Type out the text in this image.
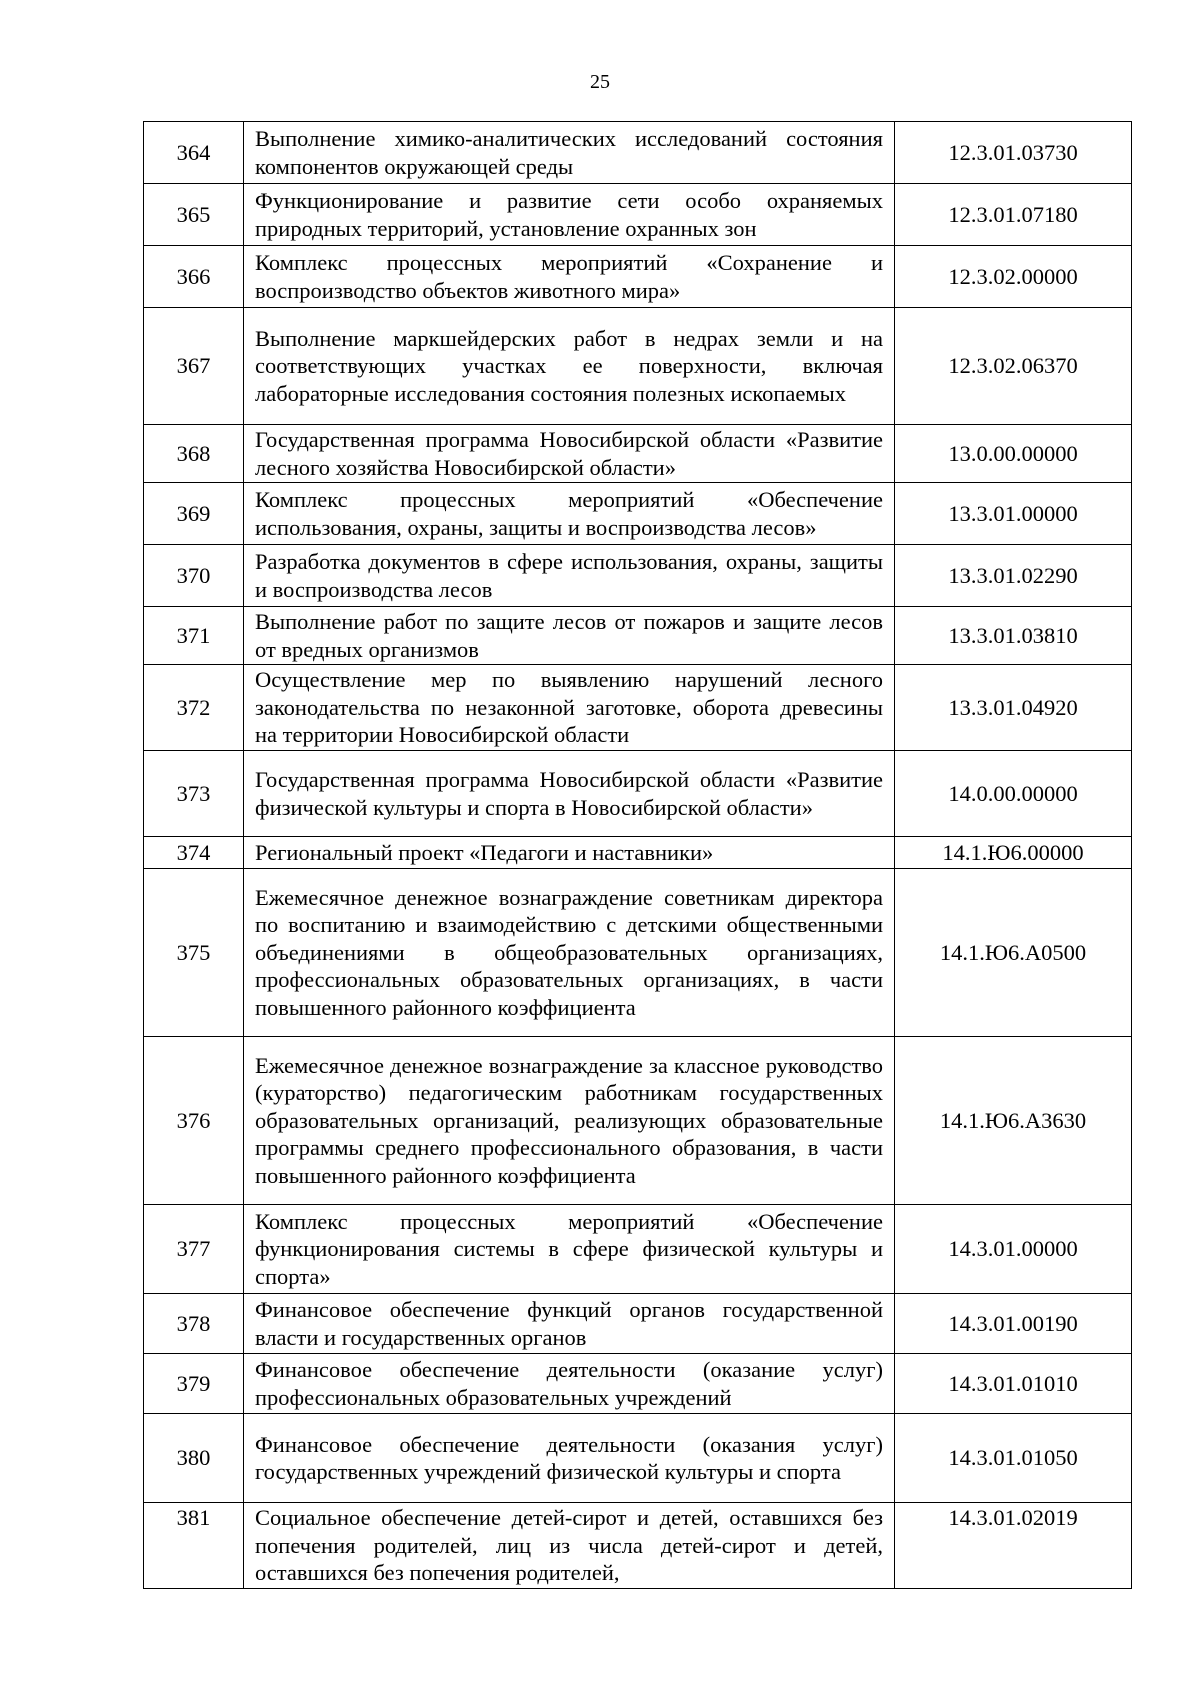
25
364	Выполнение химико-аналитических исследований состояния компонентов окружающей среды	12.3.01.03730
365	Функционирование и развитие сети особо охраняемых природных территорий, установление охранных зон	12.3.01.07180
366	Комплекс процессных мероприятий «Сохранение и воспроизводство объектов животного мира»	12.3.02.00000
367	Выполнение маркшейдерских работ в недрах земли и на соответствующих участках ее поверхности, включая лабораторные исследования состояния полезных ископаемых	12.3.02.06370
368	Государственная программа Новосибирской области «Развитие лесного хозяйства Новосибирской области»	13.0.00.00000
369	Комплекс процессных мероприятий «Обеспечение использования, охраны, защиты и воспроизводства лесов»	13.3.01.00000
370	Разработка документов в сфере использования, охраны, защиты и воспроизводства лесов	13.3.01.02290
371	Выполнение работ по защите лесов от пожаров и защите лесов от вредных организмов	13.3.01.03810
372	Осуществление мер по выявлению нарушений лесного законодательства по незаконной заготовке, оборота древесины на территории Новосибирской области	13.3.01.04920
373	Государственная программа Новосибирской области «Развитие физической культуры и спорта в Новосибирской области»	14.0.00.00000
374	Региональный проект «Педагоги и наставники»	14.1.Ю6.00000
375	Ежемесячное денежное вознаграждение советникам директора по воспитанию и взаимодействию с детскими общественными объединениями в общеобразовательных организациях, профессиональных образовательных организациях, в части повышенного районного коэффициента	14.1.Ю6.А0500
376	Ежемесячное денежное вознаграждение за классное руководство (кураторство) педагогическим работникам государственных образовательных организаций, реализующих образовательные программы среднего профессионального образования, в части повышенного районного коэффициента	14.1.Ю6.А3630
377	Комплекс процессных мероприятий «Обеспечение функционирования системы в сфере физической культуры и спорта»	14.3.01.00000
378	Финансовое обеспечение функций органов государственной власти и государственных органов	14.3.01.00190
379	Финансовое обеспечение деятельности (оказание услуг) профессиональных образовательных учреждений	14.3.01.01010
380	Финансовое обеспечение деятельности (оказания услуг) государственных учреждений физической культуры и спорта	14.3.01.01050
381	Социальное обеспечение детей-сирот и детей, оставшихся без попечения родителей, лиц из числа детей-сирот и детей, оставшихся без попечения родителей,	14.3.01.02019
